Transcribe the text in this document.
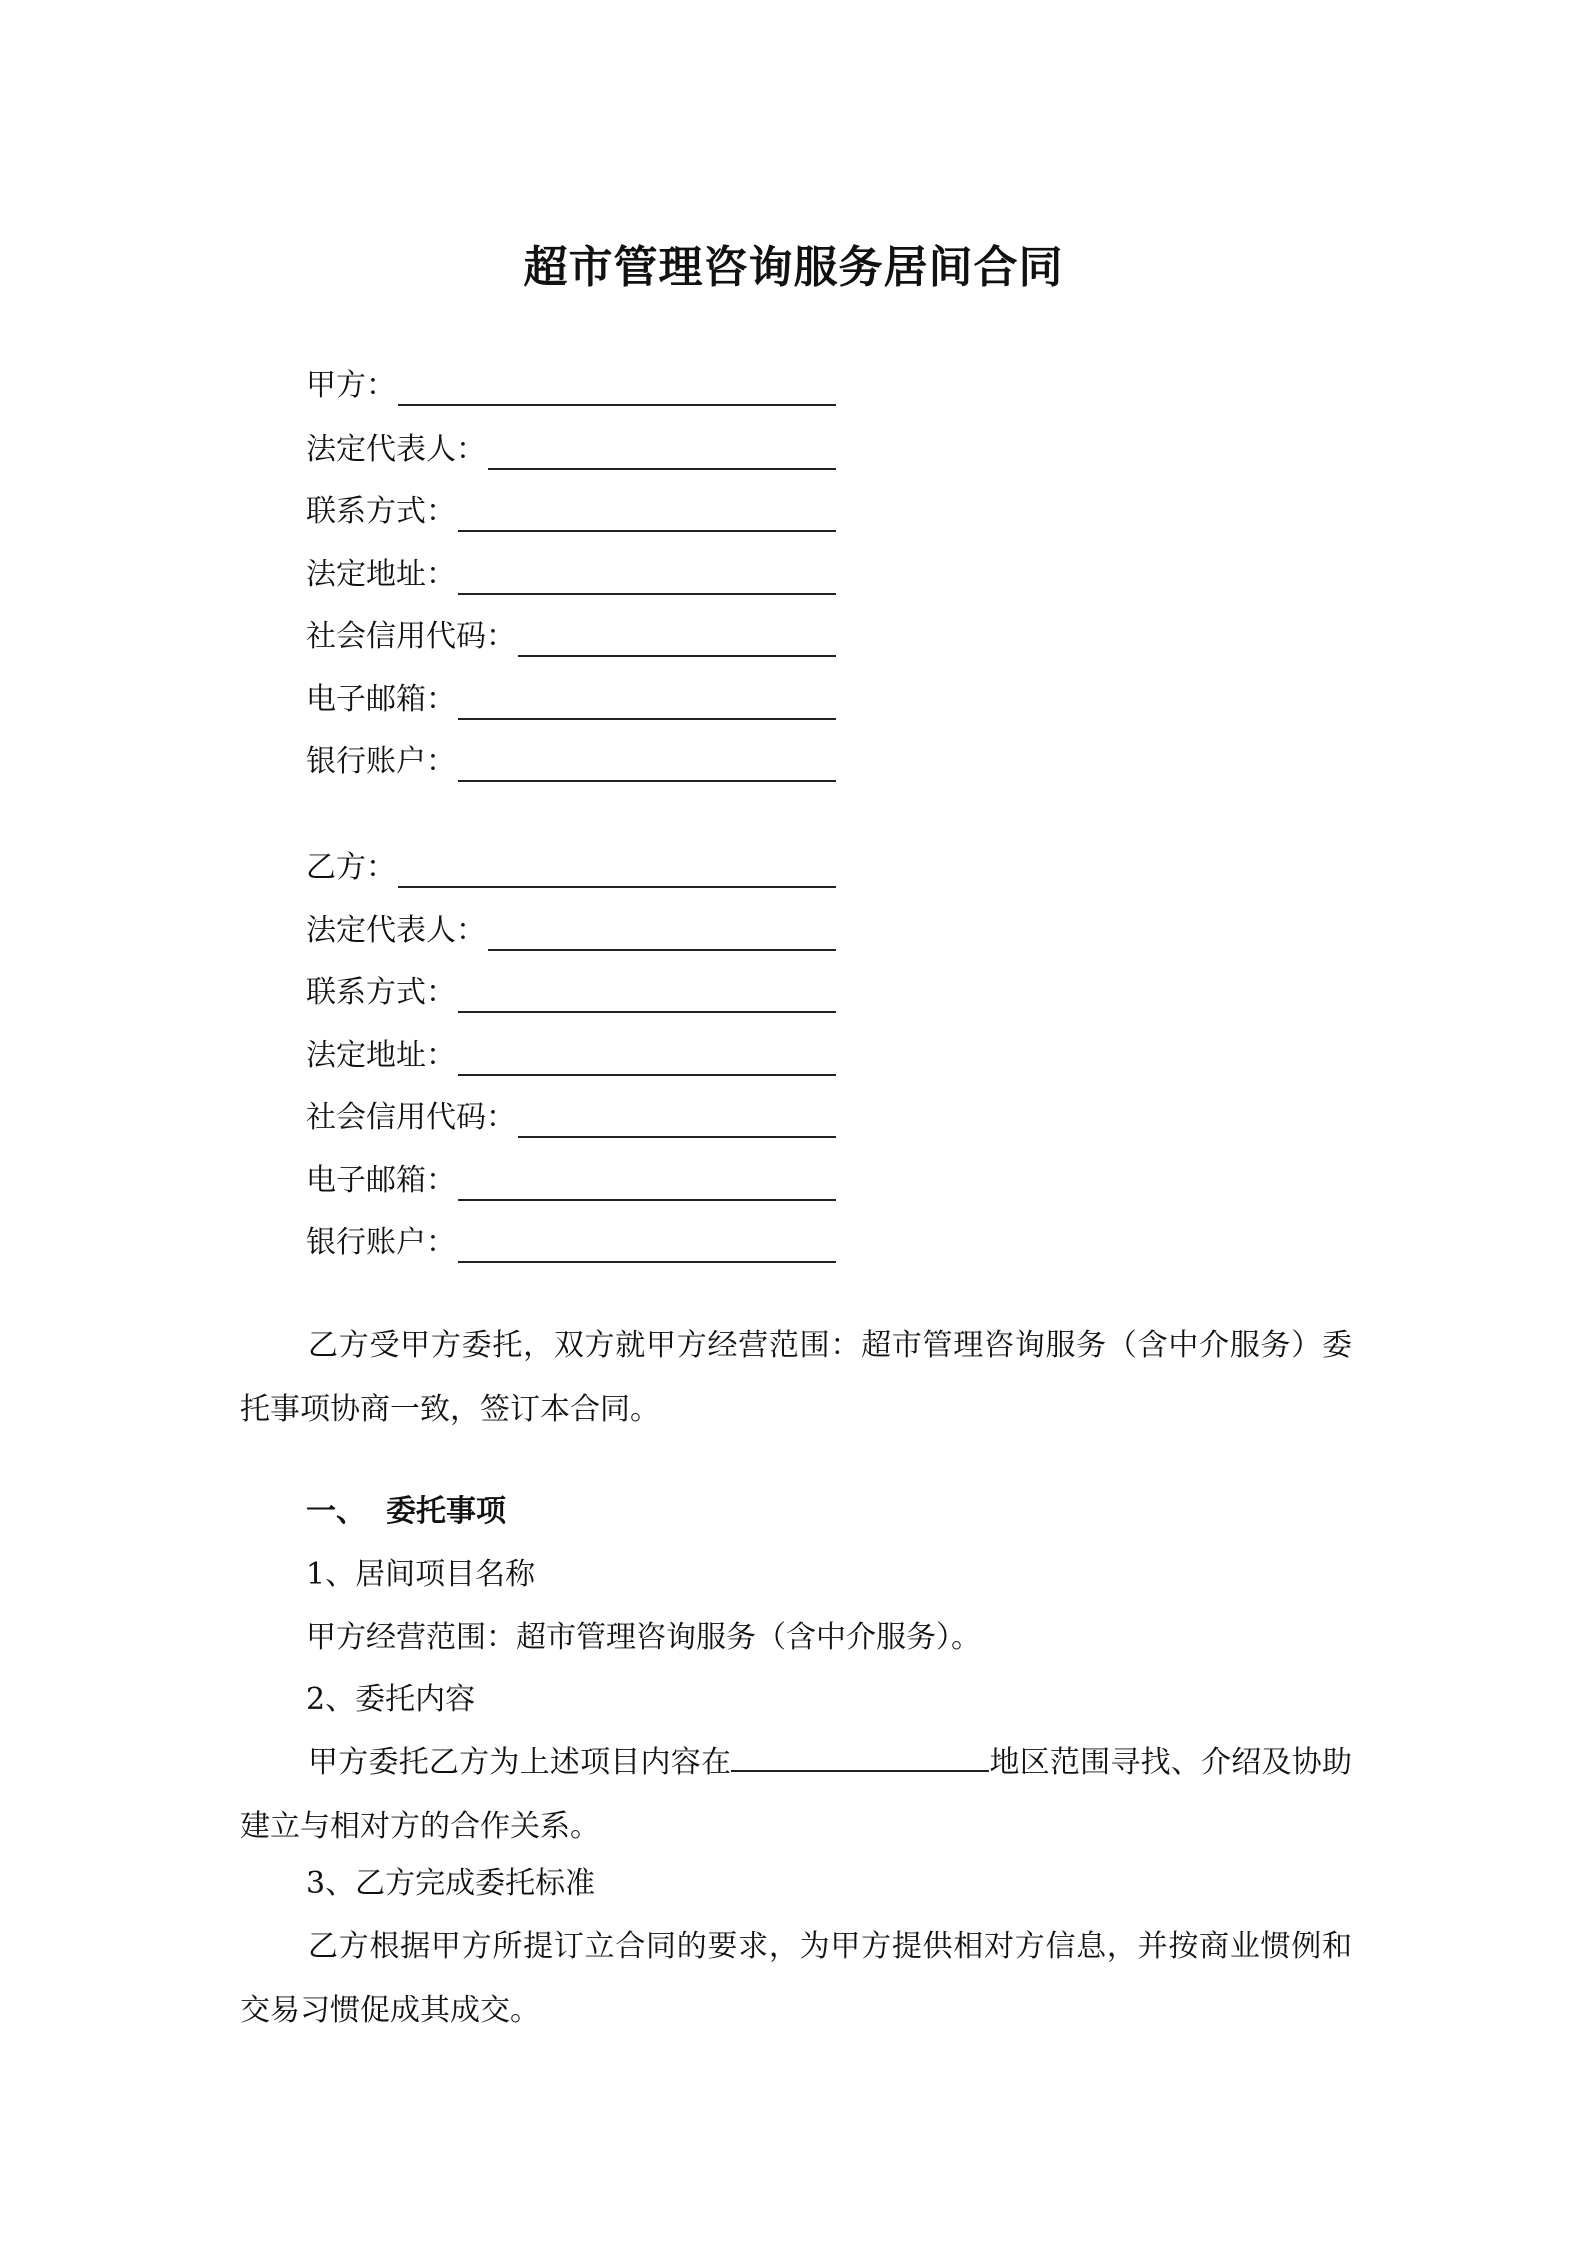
超市管理咨询服务居间合同
甲方：
法定代表人：
联系方式：
法定地址：
社会信用代码：
电子邮箱：
银行账户：
乙方：
法定代表人：
联系方式：
法定地址：
社会信用代码：
电子邮箱：
银行账户：
乙方受甲方委托，双方就甲方经营范围：超市管理咨询服务（含中介服务）委托事项协商一致，签订本合同。
一、 委托事项
1、居间项目名称
甲方经营范围：超市管理咨询服务（含中介服务）。
2、委托内容
甲方委托乙方为上述项目内容在	地区范围寻找、介绍及协助建立与相对方的合作关系。
3、乙方完成委托标准
乙方根据甲方所提订立合同的要求，为甲方提供相对方信息，并按商业惯例和交易习惯促成其成交。
